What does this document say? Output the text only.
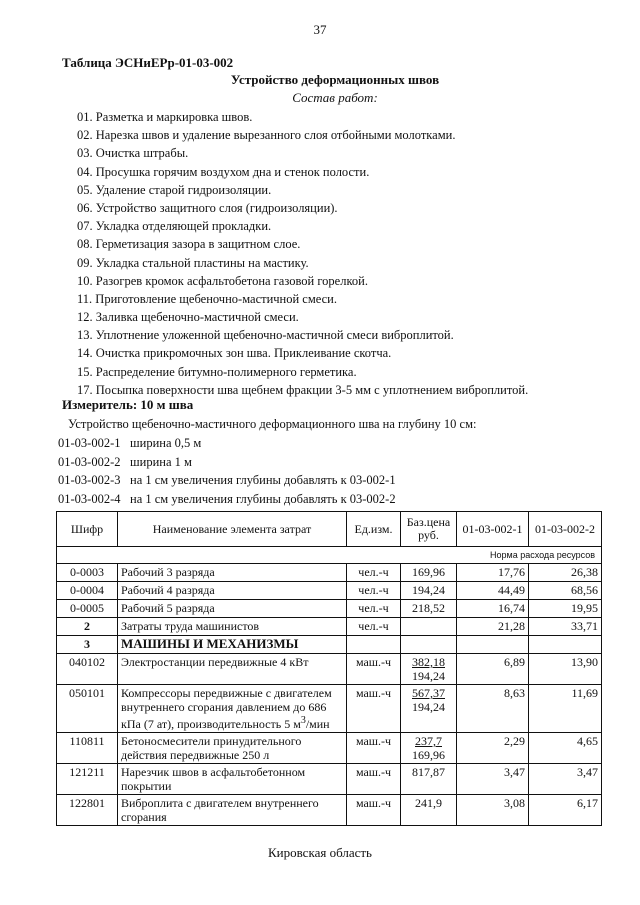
37
Таблица ЭСНиЕРр-01-03-002
Устройство деформационных швов
Состав работ:
01. Разметка и маркировка швов.
02. Нарезка швов и удаление вырезанного слоя отбойными молотками.
03. Очистка штрабы.
04. Просушка горячим воздухом дна и стенок полости.
05. Удаление старой гидроизоляции.
06. Устройство защитного слоя (гидроизоляции).
07. Укладка отделяющей прокладки.
08. Герметизация зазора в защитном слое.
09. Укладка стальной пластины на мастику.
10. Разогрев кромок асфальтобетона газовой горелкой.
11. Приготовление щебеночно-мастичной смеси.
12. Заливка щебеночно-мастичной смеси.
13. Уплотнение уложенной щебеночно-мастичной смеси виброплитой.
14. Очистка прикромочных зон шва. Приклеивание скотча.
15. Распределение битумно-полимерного герметика.
17. Посыпка поверхности шва щебнем фракции 3-5 мм с уплотнением виброплитой.
Измеритель: 10 м шва
Устройство щебеночно-мастичного деформационного шва на глубину 10 см:
01-03-002-1 ширина 0,5 м
01-03-002-2 ширина 1 м
01-03-002-3 на 1 см увеличения глубины добавлять к 03-002-1
01-03-002-4 на 1 см увеличения глубины добавлять к 03-002-2
Шифр	Наименование элемента затрат	Ед.изм.	Баз.цена
руб.	01-03-002-1	01-03-002-2
Норма расхода ресурсов					
0-0003	Рабочий 3 разряда	чел.-ч	169,96	17,76	26,38
0-0004	Рабочий 4 разряда	чел.-ч	194,24	44,49	68,56
0-0005	Рабочий 5 разряда	чел.-ч	218,52	16,74	19,95
2	Затраты труда машинистов	чел.-ч		21,28	33,71
3	МАШИНЫ И МЕХАНИЗМЫ				
040102	Электростанции передвижные 4 кВт	маш.-ч	382,18
194,24	6,89	13,90
050101	Компрессоры передвижные с двигателем внутреннего сгорания давлением до 686 кПа (7 ат), производительность 5 $м^3$/мин	маш.-ч	567,37
194,24	8,63	11,69
110811	Бетоносмесители принудительного действия передвижные 250 л	маш.-ч	237,7
169,96	2,29	4,65
121211	Нарезчик швов в асфальтобетонном покрытии	маш.-ч	817,87	3,47	3,47
122801	Виброплита с двигателем внутреннего сгорания	маш.-ч	241,9	3,08	6,17
Кировская область
